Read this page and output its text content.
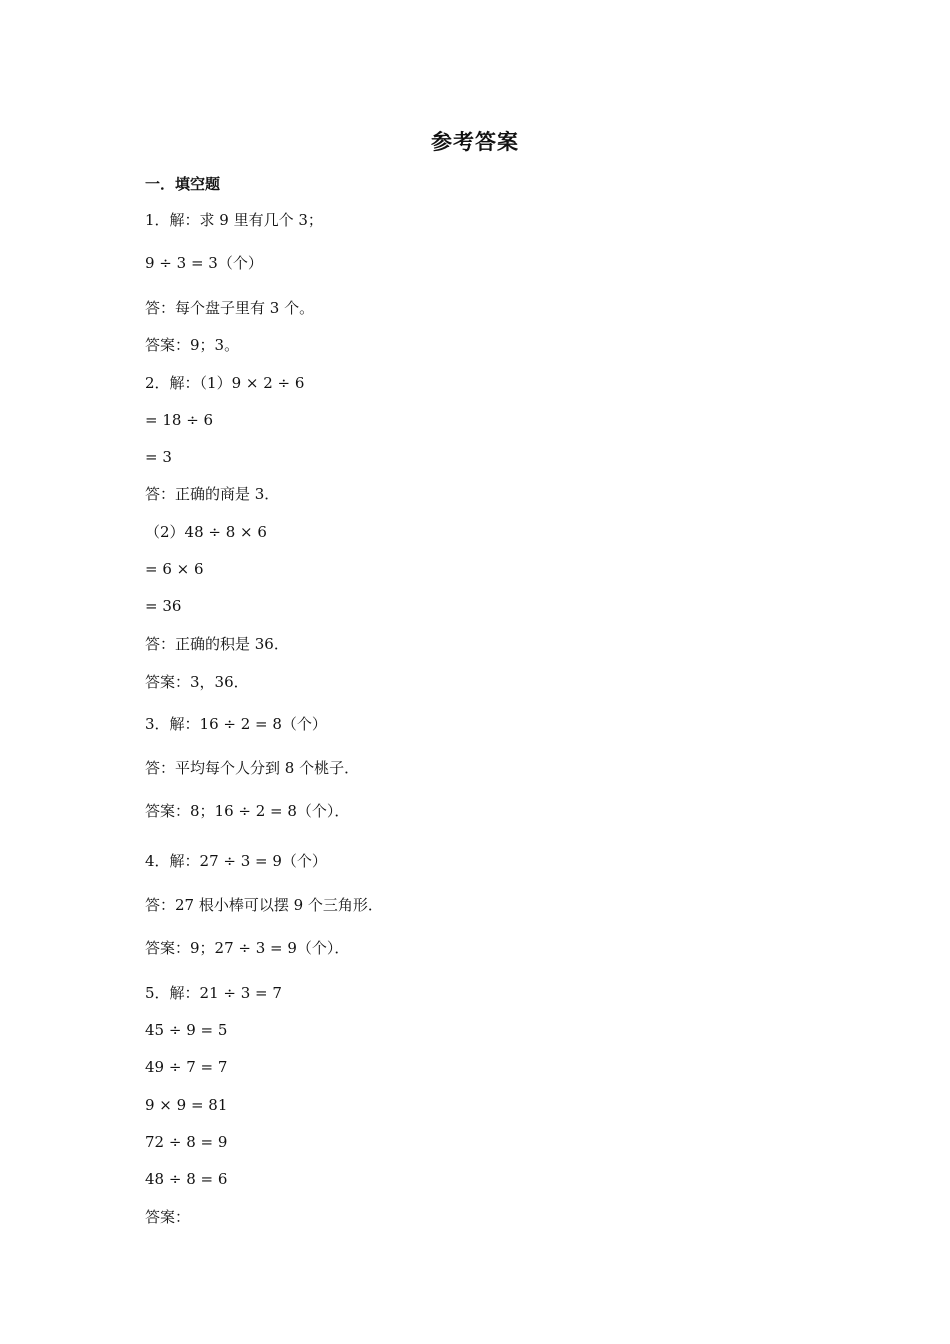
参考答案
一．填空题
1．解：求 9 里有几个 3；
9 ÷ 3 = 3（个）
答：每个盘子里有 3 个。
答案：9；3。
2．解：（1）9 × 2 ÷ 6
= 18 ÷ 6
= 3
答：正确的商是 3．
（2）48 ÷ 8 × 6
= 6 × 6
= 36
答：正确的积是 36．
答案：3，36．
3．解：16 ÷ 2 = 8（个）
答：平均每个人分到 8 个桃子．
答案：8；16 ÷ 2 = 8（个）．
4．解：27 ÷ 3 = 9（个）
答：27 根小棒可以摆 9 个三角形．
答案：9；27 ÷ 3 = 9（个）．
5．解：21 ÷ 3 = 7
45 ÷ 9 = 5
49 ÷ 7 = 7
9 × 9 = 81
72 ÷ 8 = 9
48 ÷ 8 = 6
答案：
